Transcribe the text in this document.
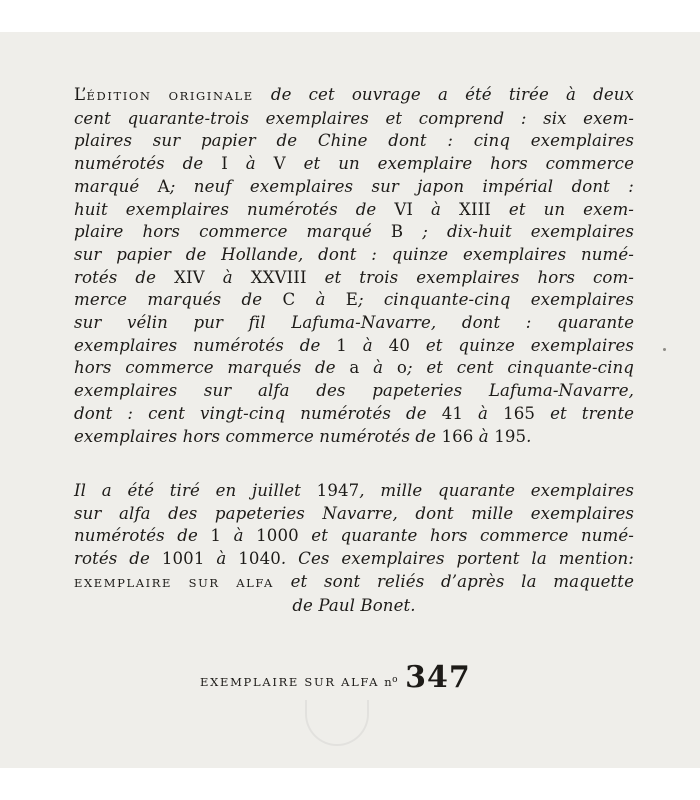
L’ÉDITION ORIGINALE de cet ouvrage a été tirée à deux
cent quarante-trois exemplaires et comprend : six exem-
plaires sur papier de Chine dont : cinq exemplaires
numérotés de I à V et un exemplaire hors commerce
marqué A; neuf exemplaires sur japon impérial dont :
huit exemplaires numérotés de VI à XIII et un exem-
plaire hors commerce marqué B ; dix-huit exemplaires
sur papier de Hollande, dont : quinze exemplaires numé-
rotés de XIV à XXVIII et trois exemplaires hors com-
merce marqués de C à E; cinquante-cinq exemplaires
sur vélin pur fil Lafuma-Navarre, dont : quarante
exemplaires numérotés de 1 à 40 et quinze exemplaires
hors commerce marqués de a à o; et cent cinquante-cinq
exemplaires sur alfa des papeteries Lafuma-Navarre,
dont : cent vingt-cinq numérotés de 41 à 165 et trente
exemplaires hors commerce numérotés de 166 à 195.
Il a été tiré en juillet 1947, mille quarante exemplaires
sur alfa des papeteries Navarre, dont mille exemplaires
numérotés de 1 à 1000 et quarante hors commerce numé-
rotés de 1001 à 1040. Ces exemplaires portent la mention:
EXEMPLAIRE SUR ALFA et sont reliés d’après la maquette
de Paul Bonet.
EXEMPLAIRE SUR ALFA $n^o$ 347
